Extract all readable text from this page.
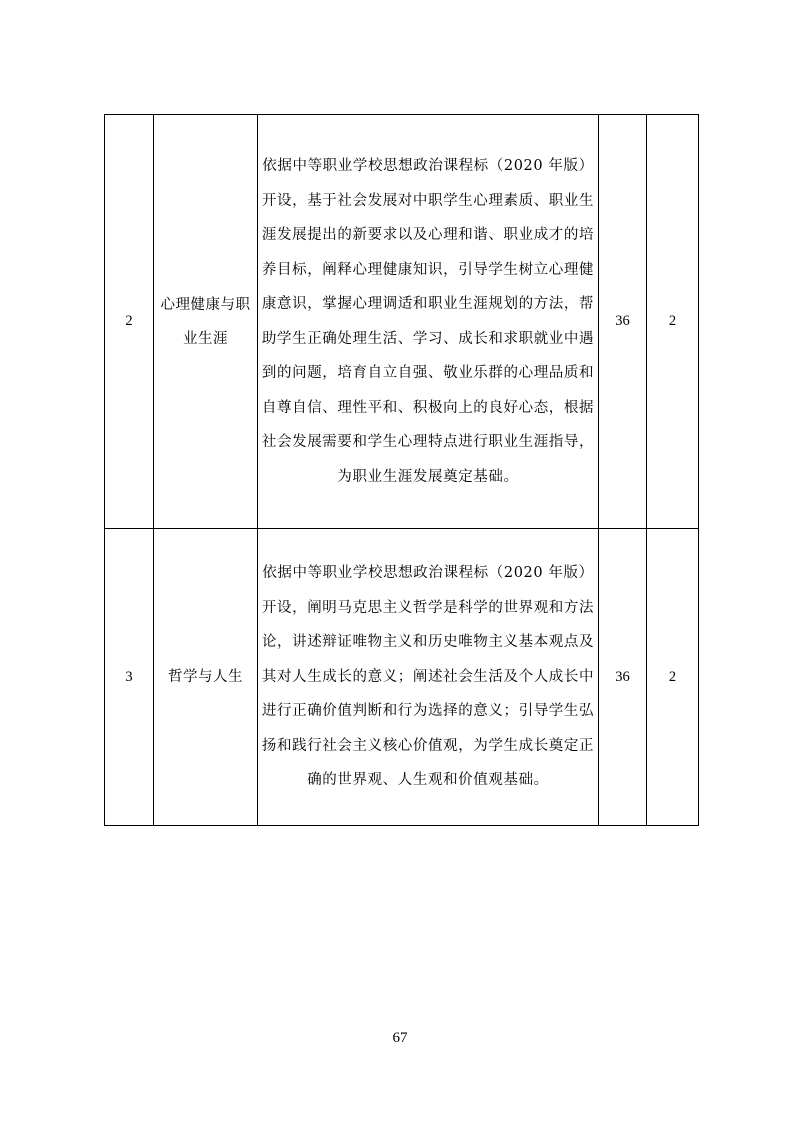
2	心理健康与职业生涯	依据中等职业学校思想政治课程标（2020 年版）开设，基于社会发展对中职学生心理素质、职业生涯发展提出的新要求以及心理和谐、职业成才的培养目标，阐释心理健康知识，引导学生树立心理健康意识，掌握心理调适和职业生涯规划的方法，帮助学生正确处理生活、学习、成长和求职就业中遇到的问题，培育自立自强、敬业乐群的心理品质和自尊自信、理性平和、积极向上的良好心态，根据社会发展需要和学生心理特点进行职业生涯指导，为职业生涯发展奠定基础。	36	2
3	哲学与人生	依据中等职业学校思想政治课程标（2020 年版）开设，阐明马克思主义哲学是科学的世界观和方法论，讲述辩证唯物主义和历史唯物主义基本观点及其对人生成长的意义；阐述社会生活及个人成长中进行正确价值判断和行为选择的意义；引导学生弘扬和践行社会主义核心价值观，为学生成长奠定正确的世界观、人生观和价值观基础。	36	2
67
